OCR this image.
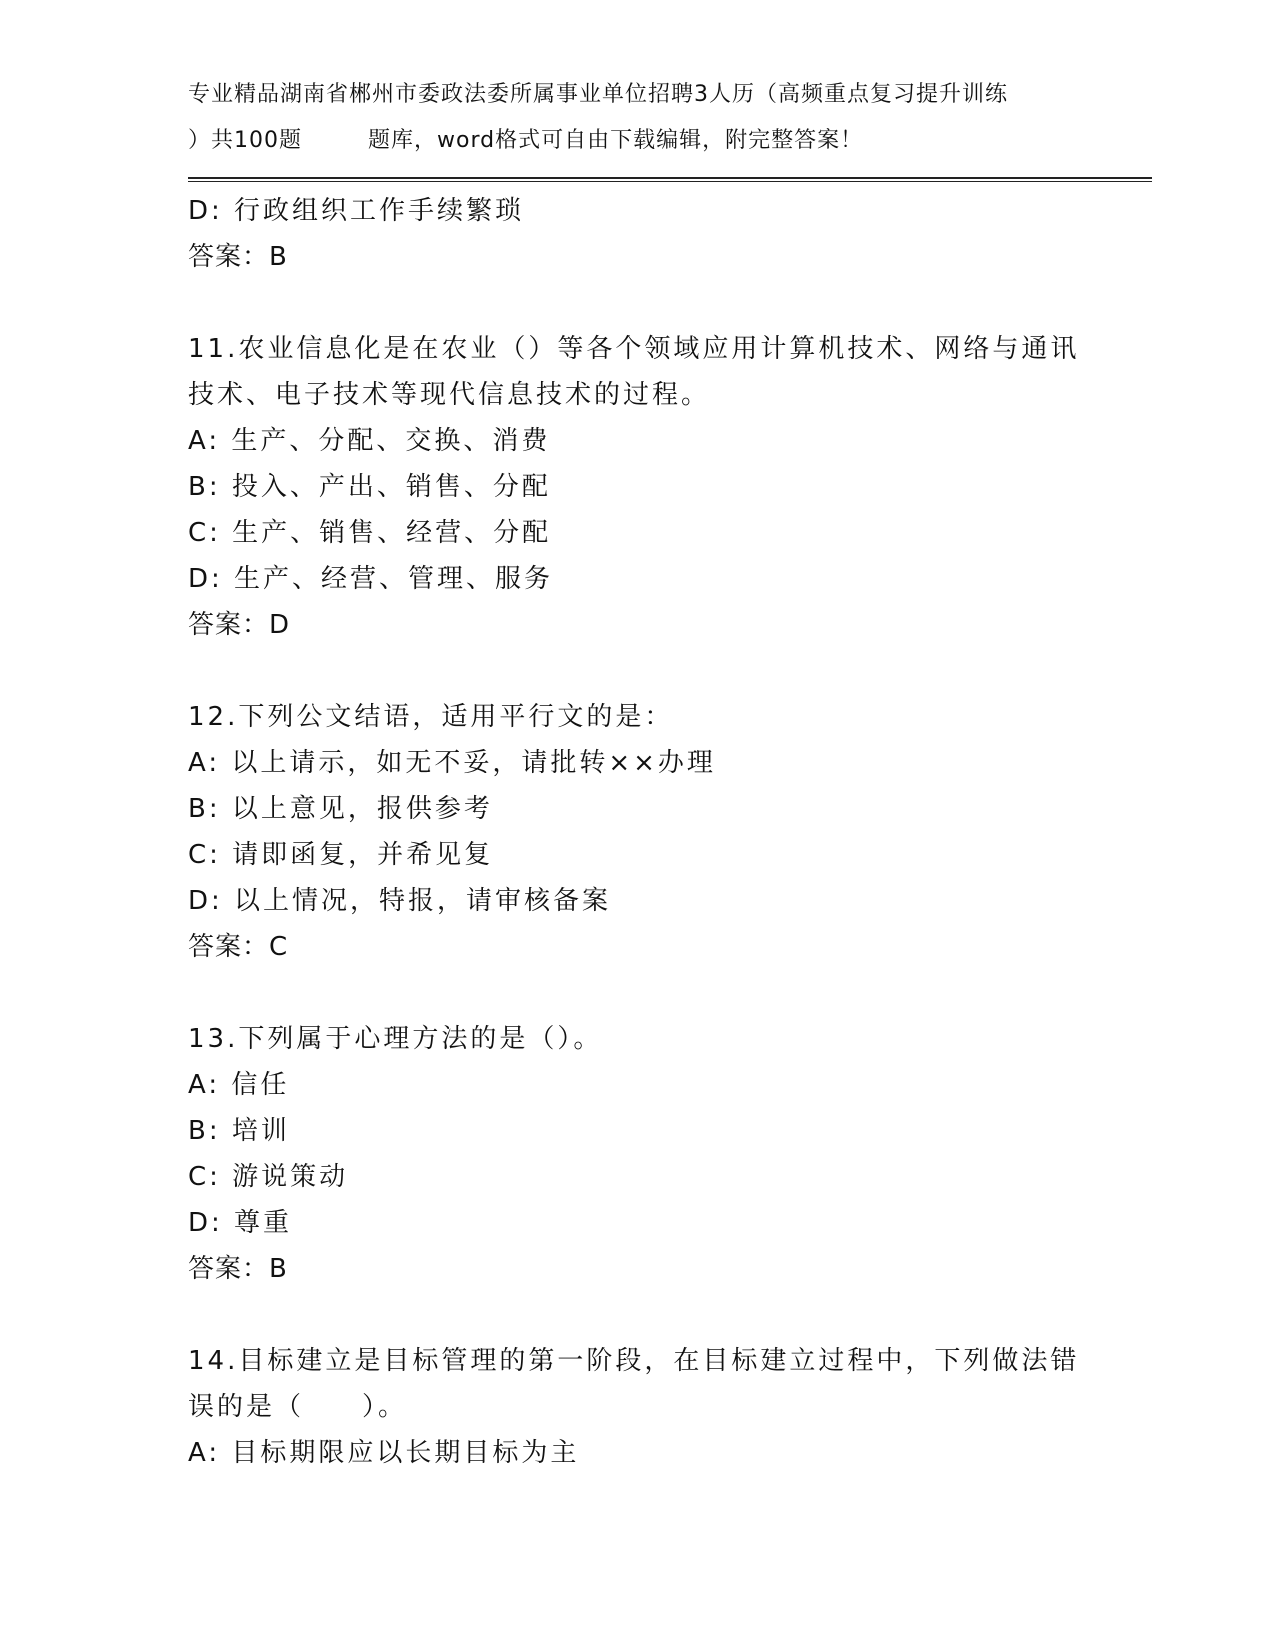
专业精品湖南省郴州市委政法委所属事业单位招聘3人历（高频重点复习提升训练
）共100题	题库，word格式可自由下载编辑，附完整答案！
D: 行政组织工作手续繁琐
答案：B
11.农业信息化是在农业（）等各个领域应用计算机技术、网络与通讯
技术、电子技术等现代信息技术的过程。
A: 生产、分配、交换、消费
B: 投入、产出、销售、分配
C: 生产、销售、经营、分配
D: 生产、经营、管理、服务
答案：D
12.下列公文结语，适用平行文的是：
A: 以上请示，如无不妥，请批转××办理
B: 以上意见，报供参考
C: 请即函复，并希见复
D: 以上情况，特报，请审核备案
答案：C
13.下列属于心理方法的是（）。
A: 信任
B: 培训
C: 游说策动
D: 尊重
答案：B
14.目标建立是目标管理的第一阶段，在目标建立过程中，下列做法错
误的是（　　）。
A: 目标期限应以长期目标为主
